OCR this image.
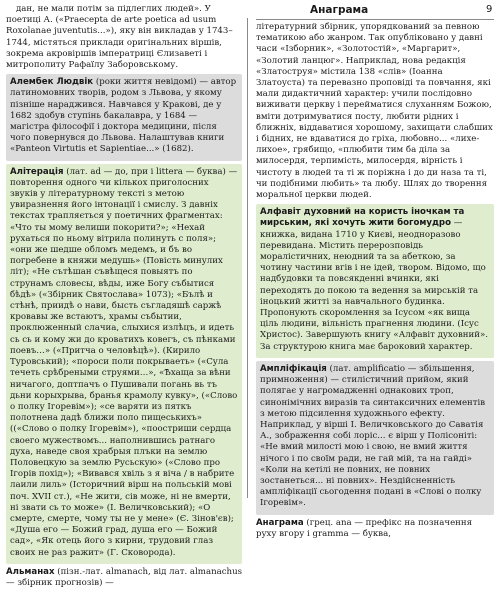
Анаграма	9

дан, не мали потім за підлеглих людей». У поетиці А. («Praecepta de arte poetica ad usum Roxolanae juventutis...»), яку він викладав у 1743–1744, містяться приклади оригінальних віршів, зокрема акровіршів імператриці Єлизаветі і митрополиту Рафаїлу Заборовському.

Алембек Людвік (роки життя невідомі) — автор латиномовних творів, родом з Львова, у якому пізніше нараджився. Навчався у Кракові, де у 1682 здобув ступінь бакалавра, у 1684 — магістра філософії і доктора медицини, після чого повернувся до Львова. Налаштував книги «Panteon Virtutis et Sapientiae...» (1682).

Алітерація (лат. ad — до, при і littera — буква) — повторення одного чи кількох приголосних звуків у літературному тексті з метою увиразнення його інтонації і смислу. З давніх текстах трапляється у поетичних фрагментах: «Что ты мому велиши покорити?»; «Нехай рухаться по ньому вітрила полинуть с поля»; «они же шедше обломъ медемъ, и бъ во погребене в княжи медушь» (Повість минулих літ); «Не сътѣшан съвѣщеся повыятъ по струнамъ словесы, вѣды, иже Богу събытися бѣдѣ» («Збірник Святослава» 1073); «Бълѣ и стѣнѣ, приидѣ о нави, бысть съгладяшѣ саржѣ кровавы же встаютъ, храмы събытии, проклюженный слачиа, слыхися излѣцъ, и идеть сь сь и кому жи до кроватихъ ковегъ, съ пѣнками поевъ…» («Притча о человѣцѣ»). (Кирило Туровський); «пороси поли покрываеть» («Сула течеть срѣбреными струями…», «Ѣхаща за вѣни ничагого, доптпачъ о Пушивали погань вь тъ дьни корыхрыва, бранья крамолу кувку», («Слово о полку Ігоревім»); «се варяти из пяткъ полотнена дадѣ ближи поло пищеськихъ» ((«Слово о полку Ігоревім»), «поостриши сердца своего мужествомъ... наполнившись ратнаго духа, наведе своя храбрыя плъки на землю Половецкую за землю Русьскую» («Слово про Ігорів похід»); «Вивався хвіль з я віча / в набрите лаили лиль» (Історичний вірш на польській мові поч. XVII ст.), «Не жити, сів може, ні не вмерти, ні звати сь то може» (І. Величковський); «О смерте, смерте, чому ты не у мене» (Є. Зінов'єв); «Душа его — Божий град, душа его — Божий сад», «Як отець його з кирни, трудовий глаз своих не раз ражит» (Г. Сковорода).

Альманах (пізн.-лат. almanach, від лат. almanachus — збірник прогнозів) —

літературний збірник, упорядкований за певною тематикою або жанром. Так опубліковано у давні часи «Ізборник», «Золотостій», «Маргарит», «Золотий ланцюг». Наприклад, нова редакція «Златоструя» містила 138 «слів» (Іоанна Златоуста) та перевазно проповіді та повчання, які мали дидактичний характер: учили послідовно виживати церкву і перейматися слуханням Божою, вміти дотримуватися посту, любити рідних і ближніх, віддаватися хорошому, захищати слабших і бідних, не вдаватися до гріха, любовно... «лихе-лихое», грябищо, «плюбити тим ба діла за милосердя, терпимість, милосердя, вірність і чистоту в людей та ті ж поріжна і до ди наза та ті, чи подібними любить» та любу. Шлях до творення моральної церкви людей.

Алфавіт духовний на користь іночкам та мирським, які хочуть жити богомудро — книжка, видана 1710 у Києві, неодноразово перевидана. Містить перерозповідь моралістичних, неюдний та за абеткою, за чотину частини вгів і не ідей, твором. Відомо, що надбудовки та повсякденні вчинки, які переходять до покою та ведення за мирській та іноцький житті за навчального будинка. Пропонують скоромлення за Ісусом «як вища ціль людини, вільність прагнення людини. (Ісус Христос). Завершують книгу «Алфавіт духовний». За структурою книга має бароковий характер.

Ампліфікація (лат. amplificatio — збільшення, примноження) — стилістичний прийом, який полягає у нагромадженні однакових троп, синонімічних виразів та синтаксичних елементів з метою підсилення художнього ефекту. Наприклад, у вірші І. Величковського до Саватія А., зображення собі лоріс... є вірш у Полісоніті: «Не вмий милості мою і свою, не вмий життя нічого і по своїм ради, не гай мій, та на гайді» «Коли на кетілі не повних, не повних зостанеться... ні повних». Нездійсненність ампліфікації сьогодення подані в «Слові о полку Ігоревім».

Анаграма (грец. ana — префікс на позначення руху вгору і gramma — буква,
